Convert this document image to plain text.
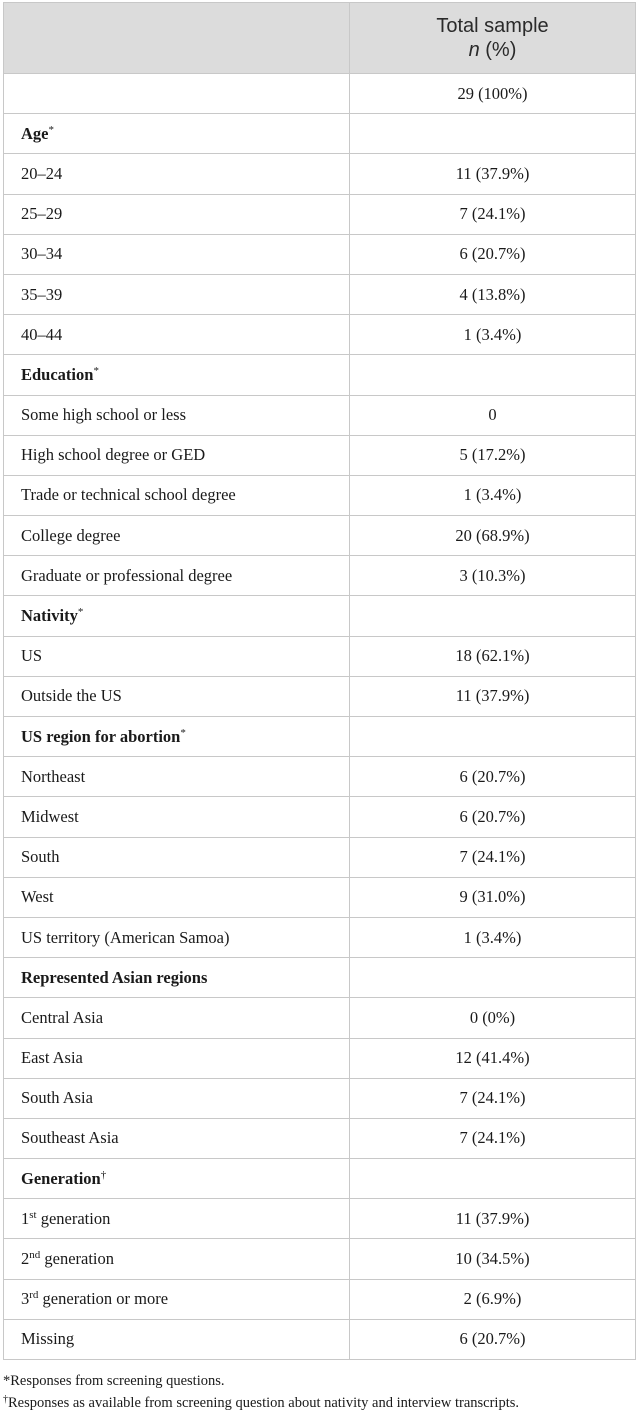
	Total sample
n (%)

	29 (100%)
Age*	
20–24	11 (37.9%)
25–29	7 (24.1%)
30–34	6 (20.7%)
35–39	4 (13.8%)
40–44	1 (3.4%)
Education*	
Some high school or less	0
High school degree or GED	5 (17.2%)
Trade or technical school degree	1 (3.4%)
College degree	20 (68.9%)
Graduate or professional degree	3 (10.3%)
Nativity*	
US	18 (62.1%)
Outside the US	11 (37.9%)
US region for abortion*	
Northeast	6 (20.7%)
Midwest	6 (20.7%)
South	7 (24.1%)
West	9 (31.0%)
US territory (American Samoa)	1 (3.4%)
Represented Asian regions	
Central Asia	0 (0%)
East Asia	12 (41.4%)
South Asia	7 (24.1%)
Southeast Asia	7 (24.1%)
Generation†	
1st generation	11 (37.9%)
2nd generation	10 (34.5%)
3rd generation or more	2 (6.9%)
Missing	6 (20.7%)
*Responses from screening questions.
†Responses as available from screening question about nativity and interview transcripts.
